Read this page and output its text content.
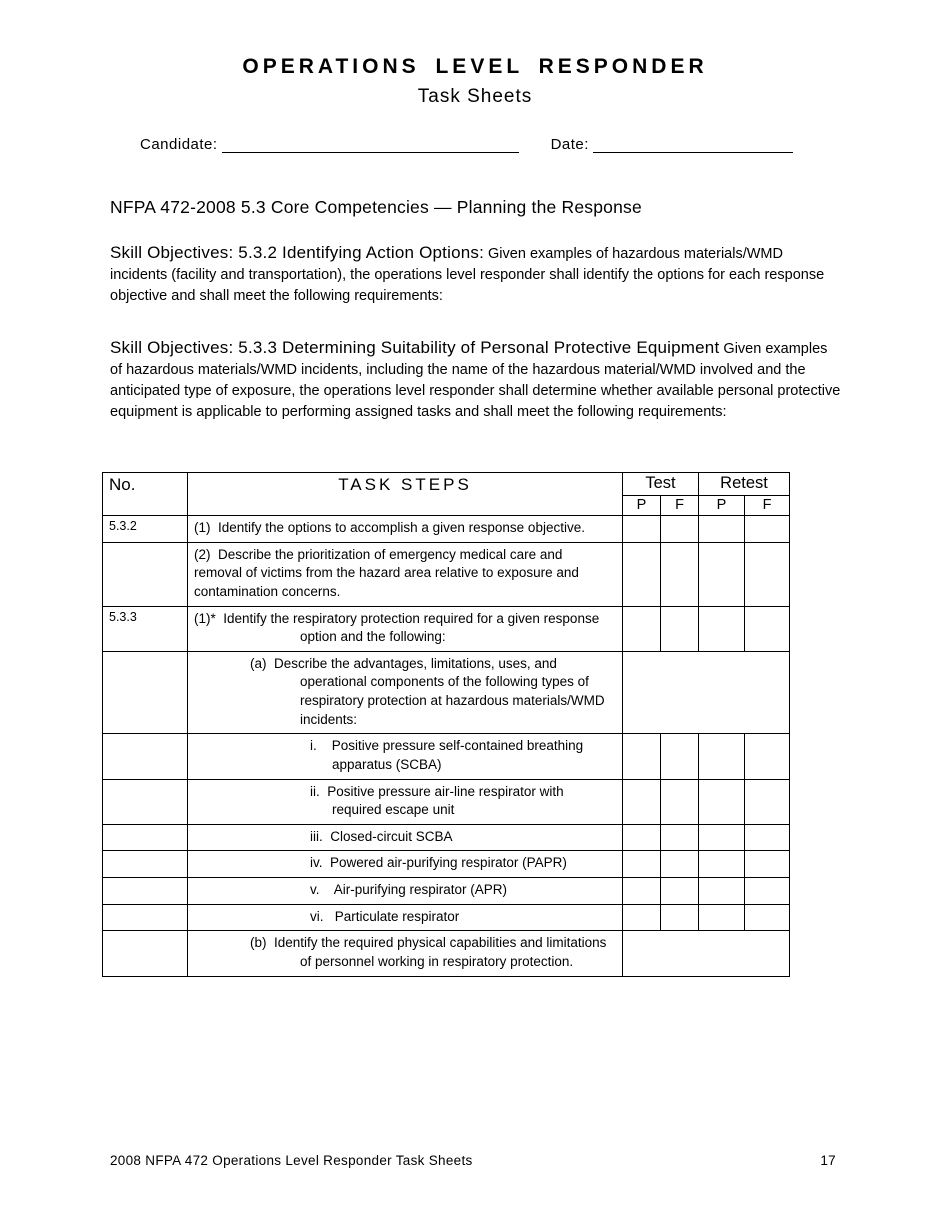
OPERATIONS LEVEL RESPONDER
Task Sheets
Candidate:	Date:
NFPA 472-2008 5.3 Core Competencies — Planning the Response
Skill Objectives: 5.3.2 Identifying Action Options: Given examples of hazardous materials/WMD incidents (facility and transportation), the operations level responder shall identify the options for each response objective and shall meet the following requirements:
Skill Objectives: 5.3.3 Determining Suitability of Personal Protective Equipment Given examples of hazardous materials/WMD incidents, including the name of the hazardous material/WMD involved and the anticipated type of exposure, the operations level responder shall determine whether available personal protective equipment is applicable to performing assigned tasks and shall meet the following requirements:
No.	TASK STEPS	Test		Retest	
		P	F	P	F
5.3.2	(1)  Identify the options to accomplish a given response objective.				
	(2)  Describe the prioritization of emergency medical care and removal of victims from the hazard area relative to exposure and contamination concerns.				
5.3.3	(1)*  Identify the respiratory protection required for a given response option and the following:				
	(a)  Describe the advantages, limitations, uses, and operational components of the following types of respiratory protection at hazardous materials/WMD incidents:				
	i.    Positive pressure self-contained breathing apparatus (SCBA)				
	ii.  Positive pressure air-line respirator with required escape unit				
	iii.  Closed-circuit SCBA				
	iv.  Powered air-purifying respirator (PAPR)				
	v.    Air-purifying respirator (APR)				
	vi.   Particulate respirator				
	(b)  Identify the required physical capabilities and limitations of personnel working in respiratory protection.				
2008 NFPA 472 Operations Level Responder Task Sheets	17
